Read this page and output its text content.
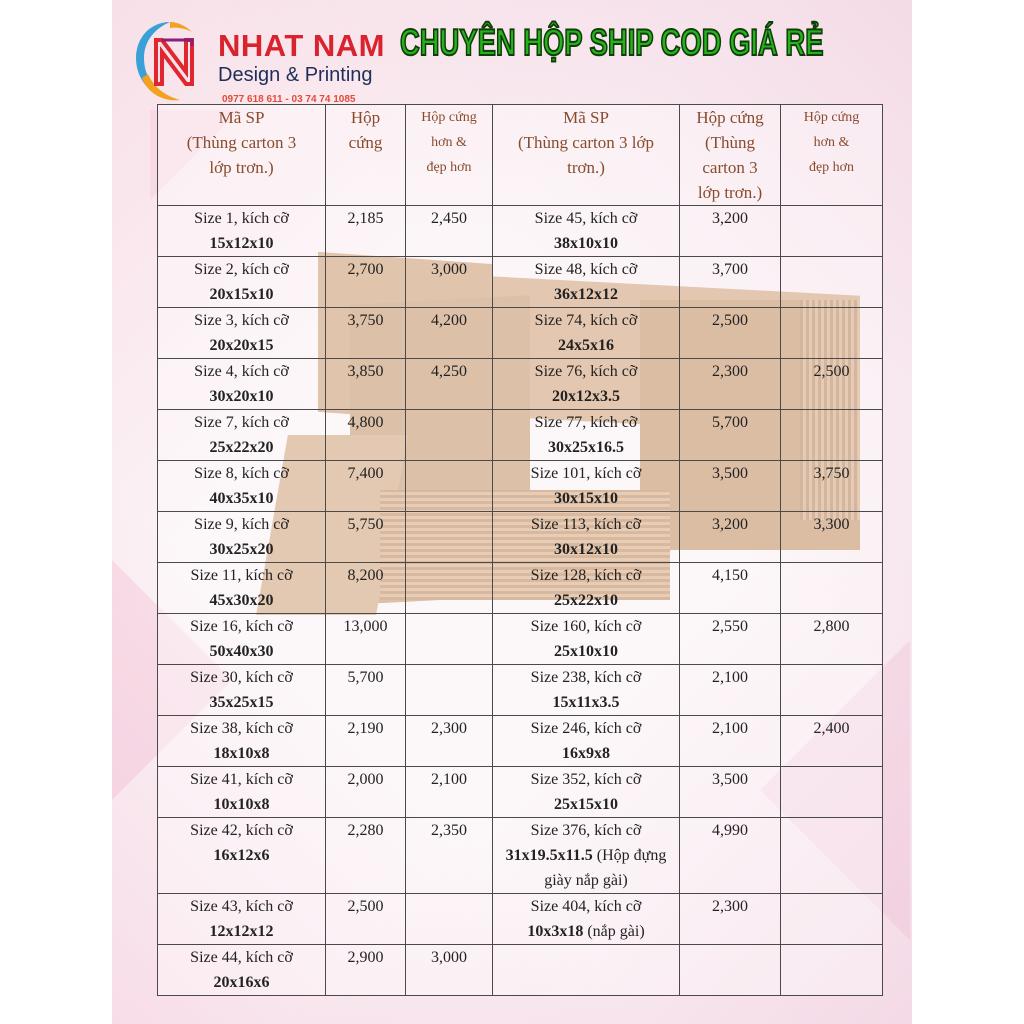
NHAT NAM
Design & Printing
0977 618 611 - 03 74 74 1085
CHUYÊN HỘP SHIP COD GIÁ RẺ
Mã SP
(Thùng carton 3
lớp trơn.)	Hộp
cứng	Hộp cứng
hơn &
đẹp hơn	Mã SP
(Thùng carton 3 lớp
trơn.)	Hộp cứng
(Thùng
carton 3
lớp trơn.)	Hộp cứng
hơn &
đẹp hơn

Size 1, kích cỡ
15x12x10	2,185	2,450	Size 45, kích cỡ
38x10x10	3,200	

Size 2, kích cỡ
20x15x10	2,700	3,000	Size 48, kích cỡ
36x12x12	3,700	

Size 3, kích cỡ
20x20x15	3,750	4,200	Size 74, kích cỡ
24x5x16	2,500	

Size 4, kích cỡ
30x20x10	3,850	4,250	Size 76, kích cỡ
20x12x3.5	2,300	2,500

Size 7, kích cỡ
25x22x20	4,800		Size 77, kích cỡ
30x25x16.5	5,700	

Size 8, kích cỡ
40x35x10	7,400		Size 101, kích cỡ
30x15x10	3,500	3,750

Size 9, kích cỡ
30x25x20	5,750		Size 113, kích cỡ
30x12x10	3,200	3,300

Size 11, kích cỡ
45x30x20	8,200		Size 128, kích cỡ
25x22x10	4,150	

Size 16, kích cỡ
50x40x30	13,000		Size 160, kích cỡ
25x10x10	2,550	2,800

Size 30, kích cỡ
35x25x15	5,700		Size 238, kích cỡ
15x11x3.5	2,100	

Size 38, kích cỡ
18x10x8	2,190	2,300	Size 246, kích cỡ
16x9x8	2,100	2,400

Size 41, kích cỡ
10x10x8	2,000	2,100	Size 352, kích cỡ
25x15x10	3,500	

Size 42, kích cỡ
16x12x6	2,280	2,350	Size 376, kích cỡ
31x19.5x11.5 (Hộp đựng giày nắp gài)	4,990	

Size 43, kích cỡ
12x12x12	2,500		Size 404, kích cỡ
10x3x18 (nắp gài)	2,300	

Size 44, kích cỡ
20x16x6	2,900	3,000	
